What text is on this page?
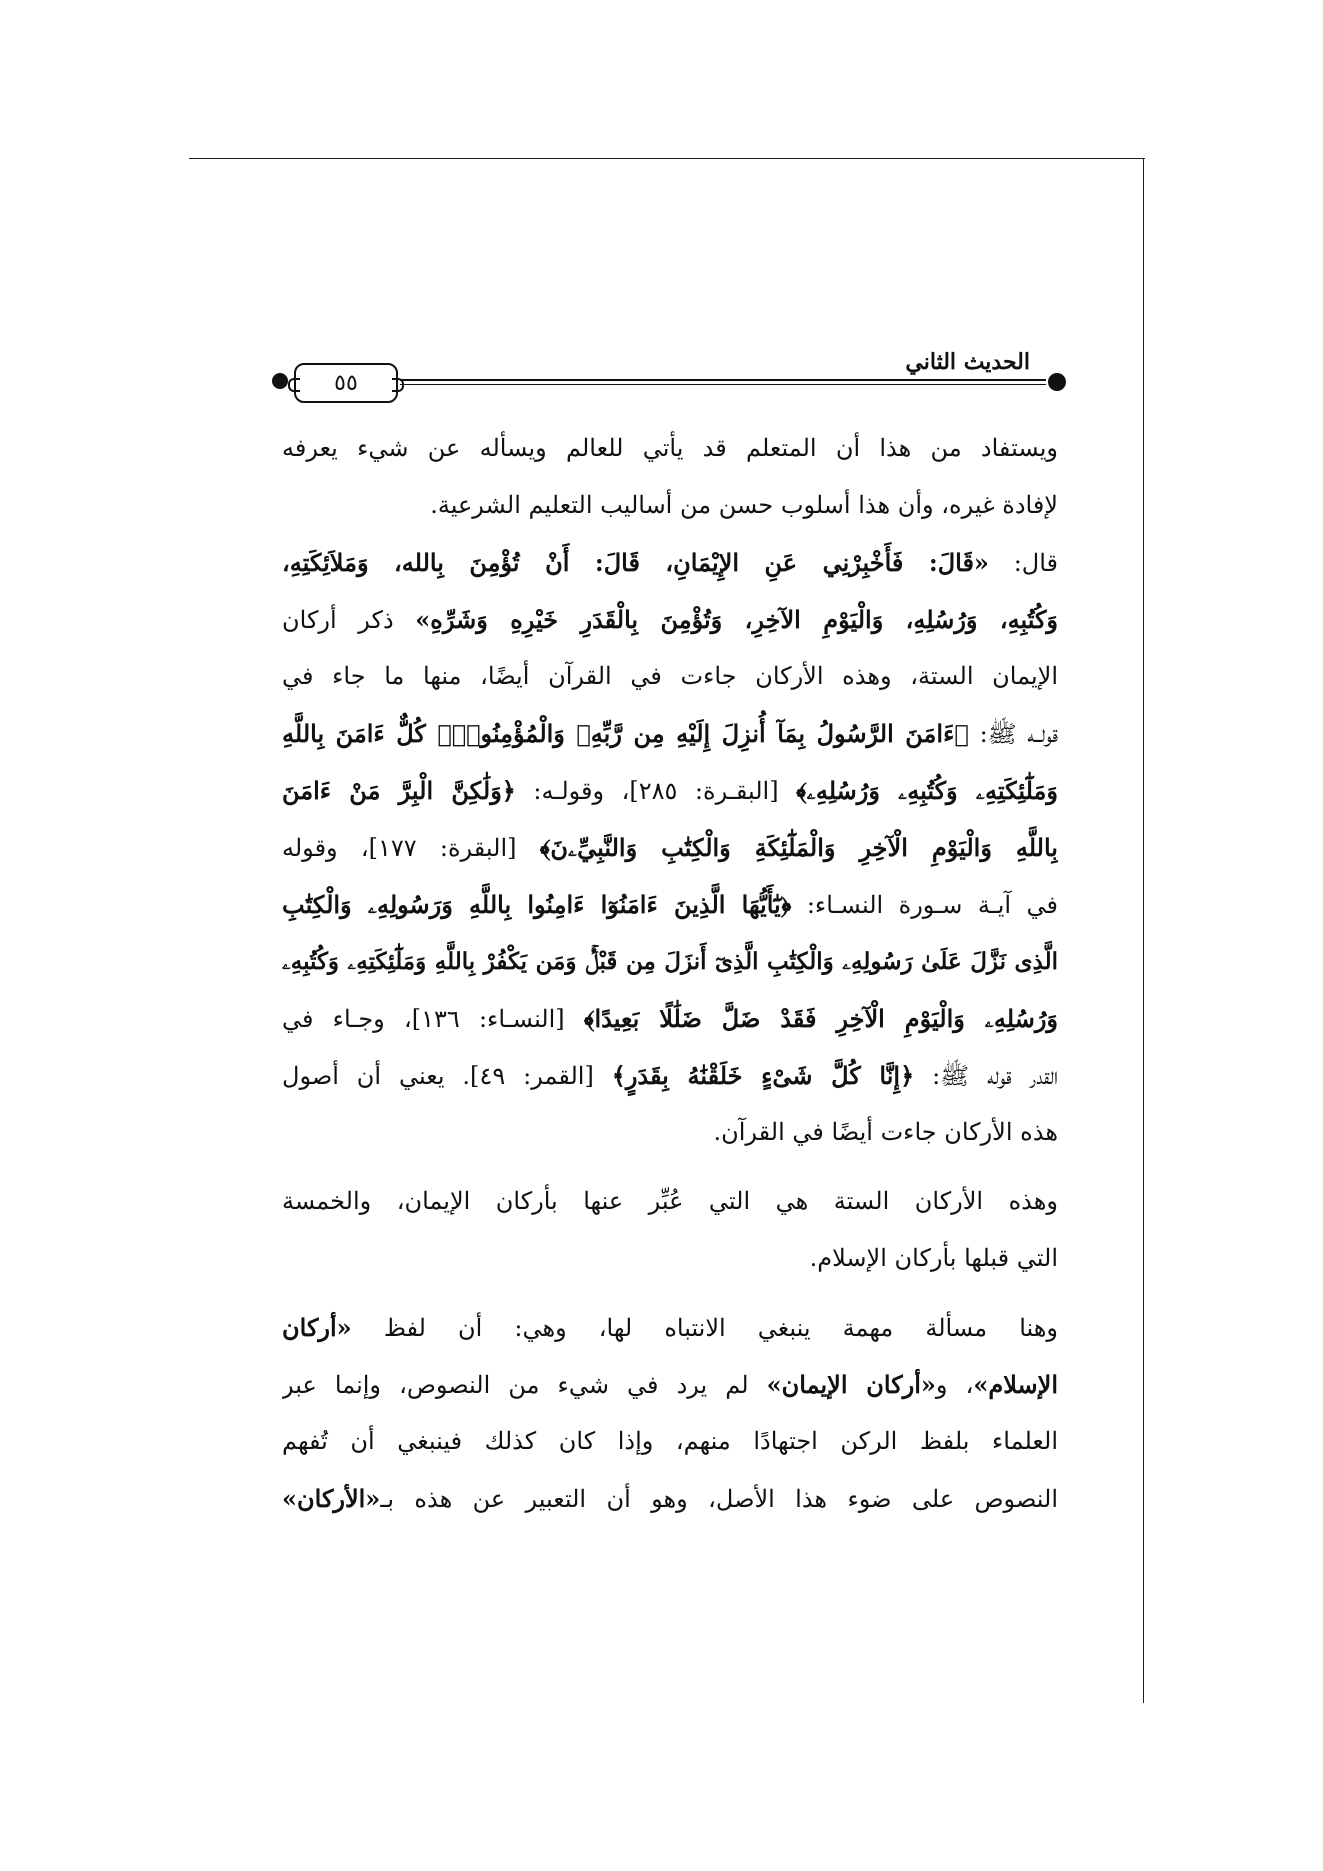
٥٥
الحديث الثاني
ويستفاد من هذا أن المتعلم قد يأتي للعالم ويسأله عن شيء يعرفه
لإفادة غيره، وأن هذا أسلوب حسن من أساليب التعليم الشرعية.
قال: «قَالَ: فَأَخْبِرْنِي عَنِ الإِيْمَانِ، قَالَ: أَنْ تُؤْمِنَ بِالله، وَمَلاَئِكَتِهِ،
وَكُتُبِهِ، وَرُسُلِهِ، وَالْيَوْمِ الآخِرِ، وَتُؤْمِنَ بِالْقَدَرِ خَيْرِهِ وَشَرِّهِ» ذكر أركان
الإيمان الستة، وهذه الأركان جاءت في القرآن أيضًا، منها ما جاء في
قولــه ﷺ: ﴿ءَامَنَ الرَّسُولُ بِمَآ أُنزِلَ إِلَيْهِ مِن رَّبِّهِۦ وَالْمُؤْمِنُونَۚ كُلٌّ ءَامَنَ بِاللَّهِ
وَمَلَٰٓئِكَتِهِۦ وَكُتُبِهِۦ وَرُسُلِهِۦ﴾ [البقـرة: ٢٨٥]، وقولـه: ﴿وَلَٰكِنَّ الْبِرَّ مَنْ ءَامَنَ
بِاللَّهِ وَالْيَوْمِ الْآخِرِ وَالْمَلَٰٓئِكَةِ وَالْكِتَٰبِ وَالنَّبِيِّۦنَ﴾ [البقرة: ١٧٧]، وقوله
في آيـة سـورة النسـاء: ﴿يَٰٓأَيُّهَا الَّذِينَ ءَامَنُوٓا ءَامِنُوا بِاللَّهِ وَرَسُولِهِۦ وَالْكِتَٰبِ
الَّذِى نَزَّلَ عَلَىٰ رَسُولِهِۦ وَالْكِتَٰبِ الَّذِىٓ أَنزَلَ مِن قَبْلُۚ وَمَن يَكْفُرْ بِاللَّهِ وَمَلَٰٓئِكَتِهِۦ وَكُتُبِهِۦ
وَرُسُلِهِۦ وَالْيَوْمِ الْآخِرِ فَقَدْ ضَلَّ ضَلَٰلًا بَعِيدًا﴾ [النسـاء: ١٣٦]، وجـاء في
القدر قوله ﷺ: ﴿إِنَّا كُلَّ شَىْءٍ خَلَقْنَٰهُ بِقَدَرٍ﴾ [القمر: ٤٩]. يعني أن أصول
هذه الأركان جاءت أيضًا في القرآن.
وهذه الأركان الستة هي التي عُبِّر عنها بأركان الإيمان، والخمسة
التي قبلها بأركان الإسلام.
وهنا مسألة مهمة ينبغي الانتباه لها، وهي: أن لفظ «أركان
الإسلام»، و«أركان الإيمان» لم يرد في شيء من النصوص، وإنما عبر
العلماء بلفظ الركن اجتهادًا منهم، وإذا كان كذلك فينبغي أن تُفهم
النصوص على ضوء هذا الأصل، وهو أن التعبير عن هذه بـ«الأركان»
